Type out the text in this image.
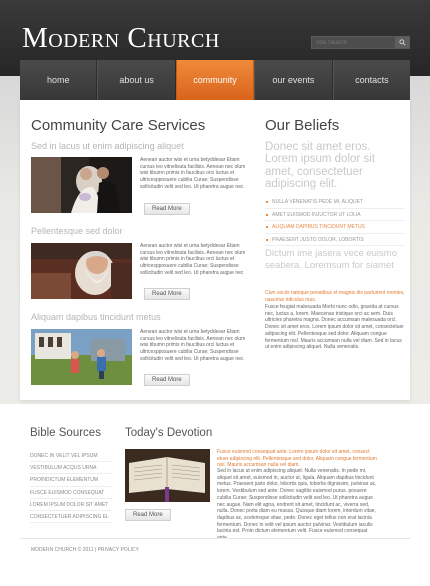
Modern Church
Site Search
home	about us	community	our events	contacts
Community Care Services
Sed in lacus ut enim adipiscing aliquet
Aenean auctor wisi et urna betyddesar Etiam cursus leo vitnelisuta facilisis. Aenean nec olum wisi tibumn primis in faucibus orci luctus et ultricespposuere cubilia Curae; Suspendisse sollicitudin velit sed leo. Ut pharetra augue nec
Read More
Pellentesque sed dolor
Aenean auctor wisi et urna betyddesar Etiam cursus leo vitnelisuta facilisis. Aenean nec olum wisi tibumn primis in faucibus orci luctus et ultricespposuere cubilia Curae; Suspendisse sollicitudin velit sed leo. Ut pharetra augue nec
Read More
Aliquam dapibus tincidunt metus
Aenean auctor wisi et urna betyddesar Etiam cursus leo vitnelisuta facilisis. Aenean nec olum wisi tibumn primis in faucibus orci luctus et ultricespposuere cubilia Curae; Suspendisse sollicitudin velit sed leo. Ut pharetra augue nec
Read More
Our Beliefs
Donec sit amet eros. Lorem ipsum dolor sit amet, consectetuer adipiscing elit.
NULLA VENENATIS PEDE MI, ALIQUET
AMET EUISMOD INJUCTOR UT LOLIA
ALIQUAM DAPIBUS TINCIDUNT METUS
PRAESENT JUSTO DOLOR, LOBORTIS
Dictum ime jasera vece euismo seabera. Loremsum for siamet
Cum sociis natoque penatibus et magnis dis parturient montes, nascetur ridiculus mus.
Fusce feugiat malesuada Morbi nunc odio, gravida at cursus nec, luctus a, lorem. Maecenas tristique orci ac sem. Duis ultricies pharetra magna. Donec accumsan malesuada orci. Donec sit amet eros. Lorem ipsum dolor sit amet, consectetuer adipiscing elit. Pellentesque sed dolor. Aliquam congue fermentum nisl. Mauris accumsan nulla vel diam. Sed in lacus ut enim adipiscing aliquet. Nulla venenatis.
Bible Sources
DONEC IN VELIT VEL IPSUM
VESTIBULUM ACQUS URNA
PROINDICTUM ELEMENTUM
FUSCE EUISMOD CONSEQUAT
LOREM IPSUM DOLOR SIT AMET
CONSECTETUER ADIPISCING EL
Today's Devotion
Fusce euismod consequat ante. Lorem ipsum dolor sit amet, consect etuer adipiscing elit. Pellentesque sed dolor. Aliquam congue fermentum nisl. Mauris accumsan nulla vel diam.
Sed in lacus ut enim adipiscing aliquet. Nulla venenatis. In pede mi, aliquet sit amet, euismod in, auctor ut, ligula. Aliquam dapibus tincidunt metus. Praesent justo dolor, lobortis quis, lobortis dignissim, pulvinar ac, lorem. Vestibulum sed ante. Donec sagittis euismod purus. posuere cubilia Curae; Suspendisse sollicitudin velit sed leo. Ut pharetra augue nec augue. Nam elit agna, endrerit sit amet, tincidunt ac, viverra sed, nulla. Donec porta diam eu massa. Quisque diam lorem, interdum vitae, dapibus ac, scelerisque vitae, pede. Donec eget tellus non erat lacinia fermentum. Donec in velit vel ipsum auctor pulvinar. Vestibulum iaculis lacinia est. Proin dictum elementum velit. Fusce euismod consequat
Read More
MODERN CHURCH © 2011 | PRIVACY POLICY
